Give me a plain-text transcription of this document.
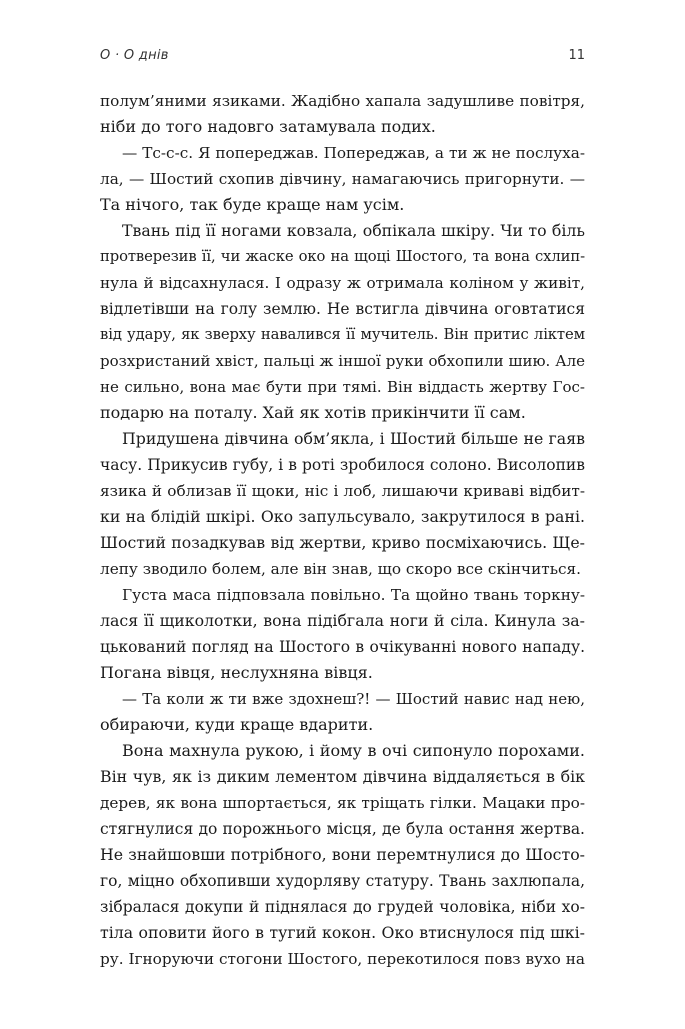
О · О днів	11
полум’яними язиками. Жадібно хапала задушливе повітря,
ніби до того надовго затамувала подих.
— Тс-с-с. Я попереджав. Попереджав, а ти ж не послуха-
ла, — Шостий схопив дівчину, намагаючись пригорнути. —
Та нічого, так буде краще нам усім.
Твань під її ногами ковзала, обпікала шкіру. Чи то біль
протверезив її, чи жаске око на щоці Шостого, та вона схлип-
нула й відсахнулася. І одразу ж отримала коліном у живіт,
відлетівши на голу землю. Не встигла дівчина оговтатися
від удару, як зверху навалився її мучитель. Він притис ліктем
розхристаний хвіст, пальці ж іншої руки обхопили шию. Але
не сильно, вона має бути при тямі. Він віддасть жертву Гос-
подарю на поталу. Хай як хотів прикінчити її сам.
Придушена дівчина обм’якла, і Шостий більше не гаяв
часу. Прикусив губу, і в роті зробилося солоно. Висолопив
язика й облизав її щоки, ніс і лоб, лишаючи криваві відбит-
ки на блідій шкірі. Око запульсувало, закрутилося в рані.
Шостий позадкував від жертви, криво посміхаючись. Ще-
лепу зводило болем, але він знав, що скоро все скінчиться.
Густа маса підповзала повільно. Та щойно твань торкну-
лася її щиколотки, вона підібгала ноги й сіла. Кинула за-
цькований погляд на Шостого в очікуванні нового нападу.
Погана вівця, неслухняна вівця.
— Та коли ж ти вже здохнеш?! — Шостий навис над нею,
обираючи, куди краще вдарити.
Вона махнула рукою, і йому в очі сипонуло порохами.
Він чув, як із диким лементом дівчина віддаляється в бік
дерев, як вона шпортається, як тріщать гілки. Мацаки про-
стягнулися до порожнього місця, де була остання жертва.
Не знайшовши потрібного, вони перемтнулися до Шосто-
го, міцно обхопивши худорляву статуру. Твань захлюпала,
зібралася докупи й піднялася до грудей чоловіка, ніби хо-
тіла оповити його в тугий кокон. Око втиснулося під шкі-
ру. Ігноруючи стогони Шостого, перекотилося повз вухо на
